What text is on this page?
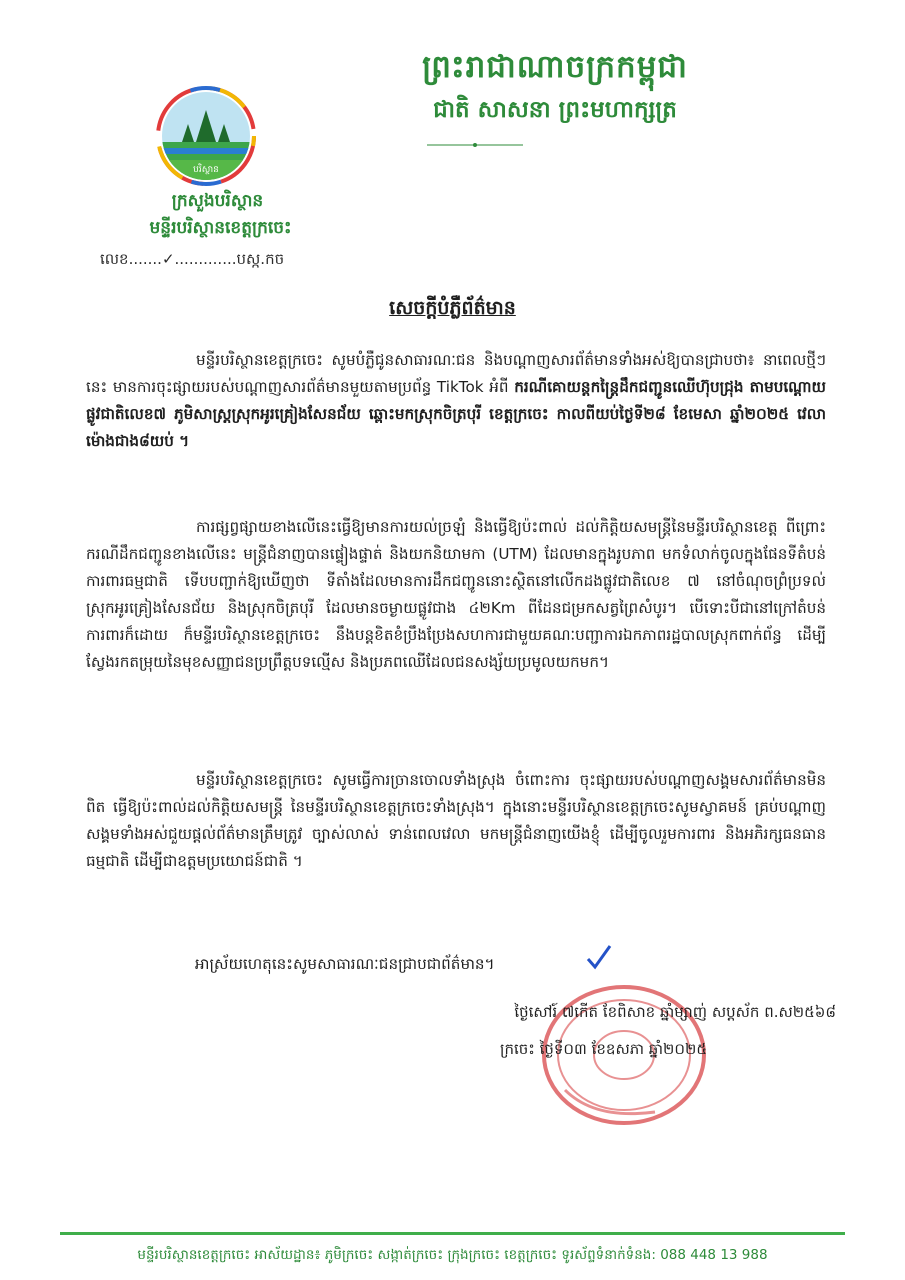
ព្រះរាជាណាចក្រកម្ពុជា
ជាតិ សាសនា ព្រះមហាក្សត្រ
បរិស្ថាន
ក្រសួងបរិស្ថាន
មន្ទីរបរិស្ថានខេត្តក្រចេះ
លេខ.......✓.............បស្ក.កច
សេចក្តីបំភ្លឺព័ត៌មាន
មន្ទីរបរិស្ថានខេត្តក្រចេះ សូមបំភ្លឺជូនសាធារណៈជន និងបណ្តាញសារព័ត៌មានទាំងអស់ឱ្យបានជ្រាបថា៖ នាពេលថ្មីៗនេះ មានការចុះផ្សាយរបស់បណ្តាញសារព័ត៌មានមួយតាមប្រព័ន្ធ TikTok អំពី ករណីគោយន្តកន្ត្រៃដឹកជញ្ជូនឈើហ៊ុបជ្រុង តាមបណ្តោយផ្លូវជាតិលេខ៧ ភូមិសាស្ត្រស្រុកអូរគ្រៀងសែនជ័យ ឆ្ពោះមកស្រុកចិត្របុរី ខេត្តក្រចេះ កាលពីយប់ថ្ងៃទី២៨ ខែមេសា ឆ្នាំ២០២៥ វេលាម៉ោងជាង៨យប់ ។
ការផ្សព្វផ្សាយខាងលើនេះធ្វើឱ្យមានការយល់ច្រឡំ និងធ្វើឱ្យប៉ះពាល់ ដល់កិត្តិយសមន្ត្រីនៃមន្ទីរបរិស្ថានខេត្ត ពីព្រោះករណីដឹកជញ្ជូនខាងលើនេះ មន្ត្រីជំនាញបានផ្ទៀងផ្ទាត់ និងយកនិយាមកា (UTM) ដែលមានក្នុងរូបភាព មកទំលាក់ចូលក្នុងផែនទីតំបន់ការពារធម្មជាតិ ទើបបញ្ជាក់ឱ្យឃើញថា ទីតាំងដែលមានការដឹកជញ្ជូននោះស្ថិតនៅលើកដងផ្លូវជាតិលេខ ៧ នៅចំណុចព្រំប្រទល់ស្រុកអូរគ្រៀងសែនជ័យ និងស្រុកចិត្របុរី ដែលមានចម្ងាយផ្លូវជាង ៤២Km ពីដែនជម្រកសត្វព្រៃសំបូរ។ បើទោះបីជានៅក្រៅតំបន់ការពារក៏ដោយ ក៏មន្ទីរបរិស្ថានខេត្តក្រចេះ នឹងបន្តខិតខំប្រឹងប្រែងសហការជាមួយគណៈបញ្ជាការឯកភាពរដ្ឋបាលស្រុកពាក់ព័ន្ធ ដើម្បីស្វែងរកតម្រុយនៃមុខសញ្ញាជនប្រព្រឹត្តបទល្មើស និងប្រភពឈើដែលជនសង្ស័យប្រមូលយកមក។
មន្ទីរបរិស្ថានខេត្តក្រចេះ សូមធ្វើការច្រានចោលទាំងស្រុង ចំពោះការ ចុះផ្សាយរបស់បណ្តាញសង្គមសារព័ត៌មានមិនពិត ធ្វើឱ្យប៉ះពាល់ដល់កិត្តិយសមន្ត្រី នៃមន្ទីរបរិស្ថានខេត្តក្រចេះទាំងស្រុង។ ក្នុងនោះមន្ទីរបរិស្ថានខេត្តក្រចេះសូមស្វាគមន៍ គ្រប់បណ្តាញសង្គមទាំងអស់ជួយផ្តល់ព័ត៌មានត្រឹមត្រូវ ច្បាស់លាស់ ទាន់ពេលវេលា មកមន្ត្រីជំនាញយើងខ្ញុំ ដើម្បីចូលរួមការពារ និងអភិរក្សធនធានធម្មជាតិ ដើម្បីជាឧត្តមប្រយោជន៍ជាតិ ។
អាស្រ័យហេតុនេះសូមសាធារណៈជនជ្រាបជាព័ត៌មាន។
ថ្ងៃសៅរ៍ ៧កើត ខែពិសាខ ឆ្នាំម្សាញ់ សប្តស័ក ព.ស២៥៦៨
ក្រចេះ ថ្ងៃទី០៣ ខែឧសភា ឆ្នាំ២០២៥
មន្ទីរបរិស្ថានខេត្តក្រចេះ អាស័យដ្ឋាន៖ ភូមិក្រចេះ សង្កាត់ក្រចេះ ក្រុងក្រចេះ ខេត្តក្រចេះ ទូរស័ព្ទទំនាក់ទំនង: 088 448 13 988
